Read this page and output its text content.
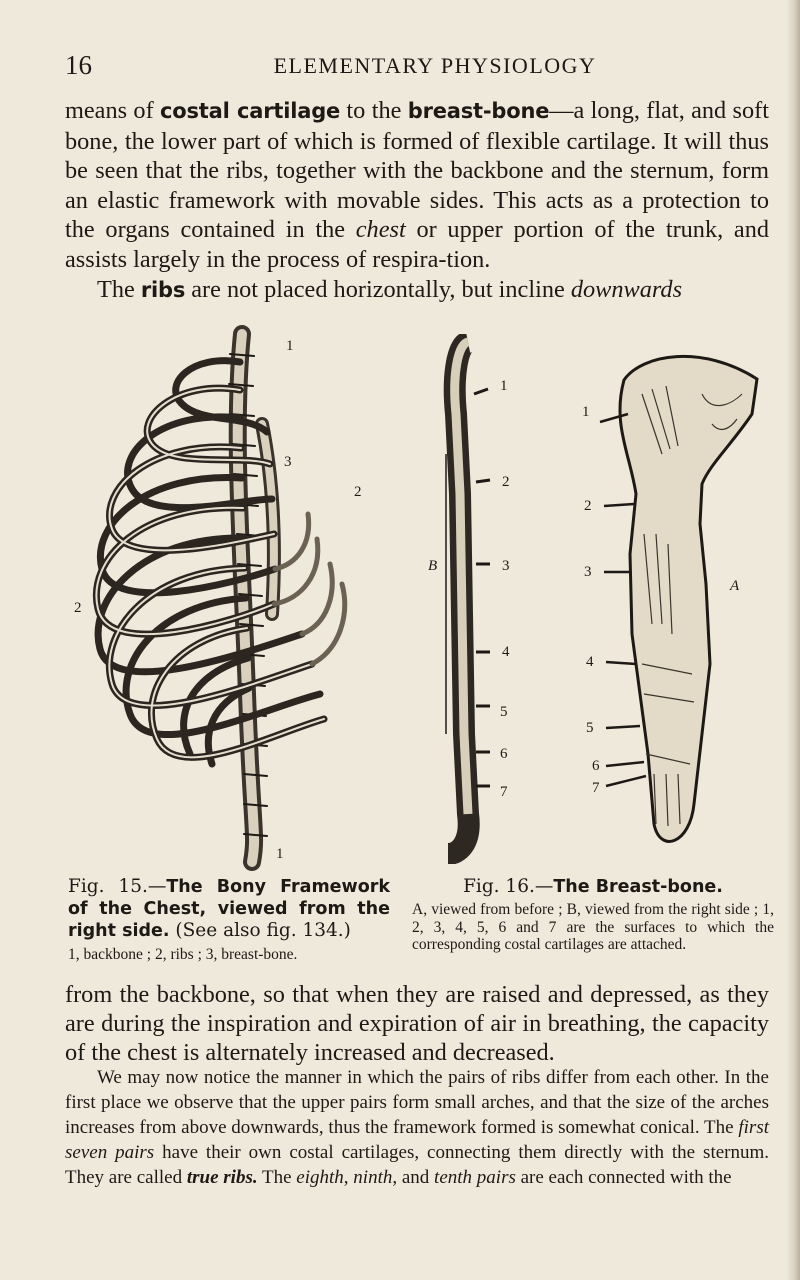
16	ELEMENTARY PHYSIOLOGY

means of costal cartilage to the breast-bone—a long, flat, and soft bone, the lower part of which is formed of flexible cartilage. It will thus be seen that the ribs, together with the backbone and the sternum, form an elastic framework with movable sides. This acts as a protection to the organs contained in the chest or upper portion of the trunk, and assists largely in the process of respira-tion.

The ribs are not placed horizontally, but incline downwards

1
3
2
2
1
1
2
B	3
4
5
6
7
1
2
3
A
4
5
6
7
Fig. 15.—The Bony Framework of the Chest, viewed from the right side. (See also fig. 134.)
1, backbone ; 2, ribs ; 3, breast-bone.
Fig. 16.—The Breast-bone.
A, viewed from before ; B, viewed from the right side ; 1, 2, 3, 4, 5, 6 and 7 are the surfaces to which the corresponding costal cartilages are attached.

from the backbone, so that when they are raised and depressed, as they are during the inspiration and expiration of air in breathing, the capacity of the chest is alternately increased and decreased.

We may now notice the manner in which the pairs of ribs differ from each other. In the first place we observe that the upper pairs form small arches, and that the size of the arches increases from above downwards, thus the framework formed is somewhat conical. The first seven pairs have their own costal cartilages, connecting them directly with the sternum. They are called true ribs. The eighth, ninth, and tenth pairs are each connected with the
